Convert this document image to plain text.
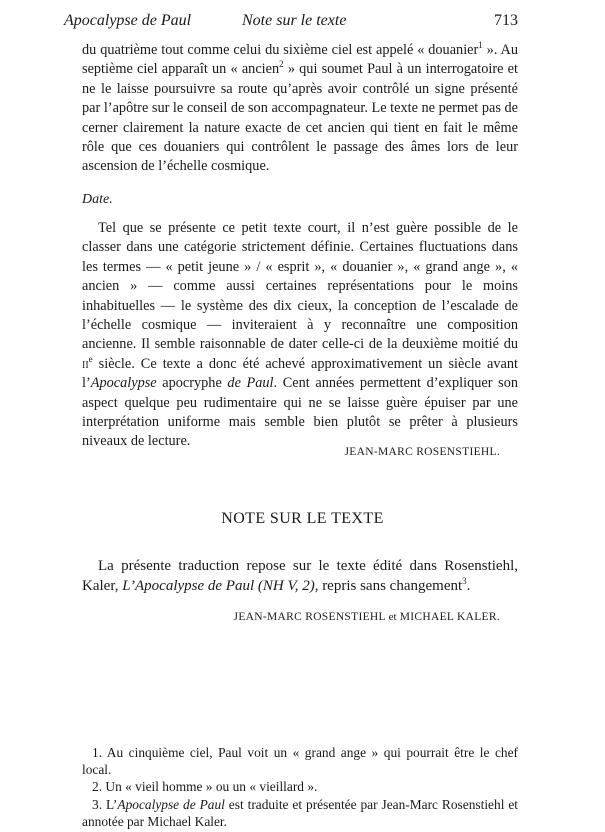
Apocalypse de Paul	Note sur le texte	713
du quatrième tout comme celui du sixième ciel est appelé « douanier$^1$ ». Au septième ciel apparaît un « ancien$^2$ » qui soumet Paul à un interrogatoire et ne le laisse poursuivre sa route qu’après avoir contrôlé un signe présenté par l’apôtre sur le conseil de son accompagnateur. Le texte ne permet pas de cerner clairement la nature exacte de cet ancien qui tient en fait le même rôle que ces douaniers qui contrôlent le passage des âmes lors de leur ascension de l’échelle cosmique.
Date.
Tel que se présente ce petit texte court, il n’est guère possible de le classer dans une catégorie strictement définie. Certaines fluctuations dans les termes — « petit jeune » / « esprit », « douanier », « grand ange », « ancien » — comme aussi certaines représentations pour le moins inhabituelles — le système des dix cieux, la conception de l’escalade de l’échelle cosmique — inviteraient à y reconnaître une composition ancienne. Il semble raisonnable de dater celle-ci de la deuxième moitié du $ii^e$ siècle. Ce texte a donc été achevé approximativement un siècle avant l’Apocalypse apocryphe de Paul. Cent années permettent d’expliquer son aspect quelque peu rudimentaire qui ne se laisse guère épuiser par une interprétation uniforme mais semble bien plutôt se prêter à plusieurs niveaux de lecture.
JEAN-MARC ROSENSTIEHL.
NOTE SUR LE TEXTE
La présente traduction repose sur le texte édité dans Rosenstiehl, Kaler, L’Apocalypse de Paul (NH V, 2), repris sans changement$^3$.
JEAN-MARC ROSENSTIEHL et MICHAEL KALER.

1. Au cinquième ciel, Paul voit un « grand ange » qui pourrait être le chef local.

2. Un « vieil homme » ou un « vieillard ».

3. L’Apocalypse de Paul est traduite et présentée par Jean-Marc Rosenstiehl et annotée par Michael Kaler.
